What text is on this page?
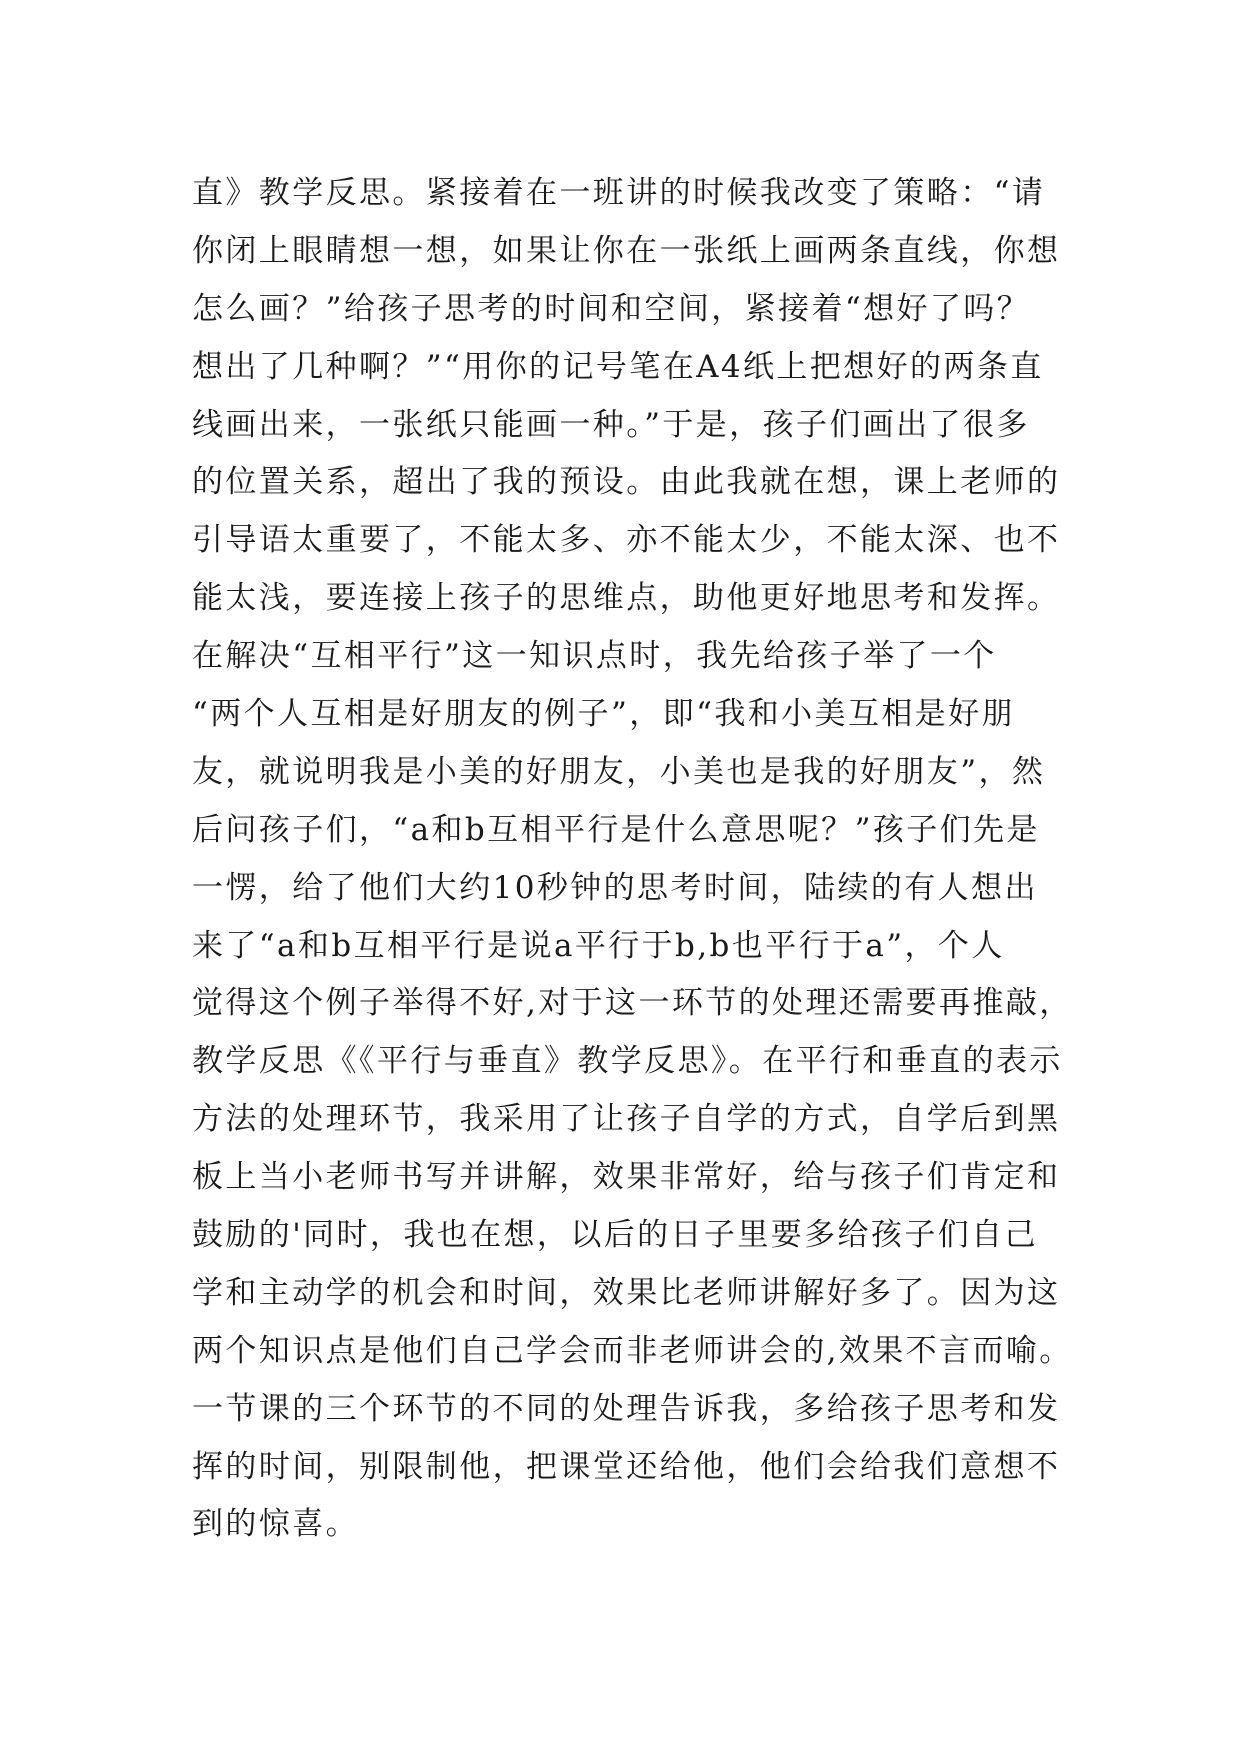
直》教学反思。紧接着在一班讲的时候我改变了策略：“请
你闭上眼睛想一想，如果让你在一张纸上画两条直线，你想
怎么画？”给孩子思考的时间和空间，紧接着“想好了吗？
想出了几种啊？”“用你的记号笔在A4纸上把想好的两条直
线画出来，一张纸只能画一种。”于是，孩子们画出了很多
的位置关系，超出了我的预设。由此我就在想，课上老师的
引导语太重要了，不能太多、亦不能太少，不能太深、也不
能太浅，要连接上孩子的思维点，助他更好地思考和发挥。
在解决“互相平行”这一知识点时，我先给孩子举了一个
“两个人互相是好朋友的例子”，即“我和小美互相是好朋
友，就说明我是小美的好朋友，小美也是我的好朋友”，然
后问孩子们，“a和b互相平行是什么意思呢？”孩子们先是
一愣，给了他们大约10秒钟的思考时间，陆续的有人想出
来了“a和b互相平行是说a平行于b,b也平行于a”，个人
觉得这个例子举得不好,对于这一环节的处理还需要再推敲，
教学反思《《平行与垂直》教学反思》。在平行和垂直的表示
方法的处理环节，我采用了让孩子自学的方式，自学后到黑
板上当小老师书写并讲解，效果非常好，给与孩子们肯定和
鼓励的'同时，我也在想，以后的日子里要多给孩子们自己
学和主动学的机会和时间，效果比老师讲解好多了。因为这
两个知识点是他们自己学会而非老师讲会的,效果不言而喻。
一节课的三个环节的不同的处理告诉我，多给孩子思考和发
挥的时间，别限制他，把课堂还给他，他们会给我们意想不
到的惊喜。
